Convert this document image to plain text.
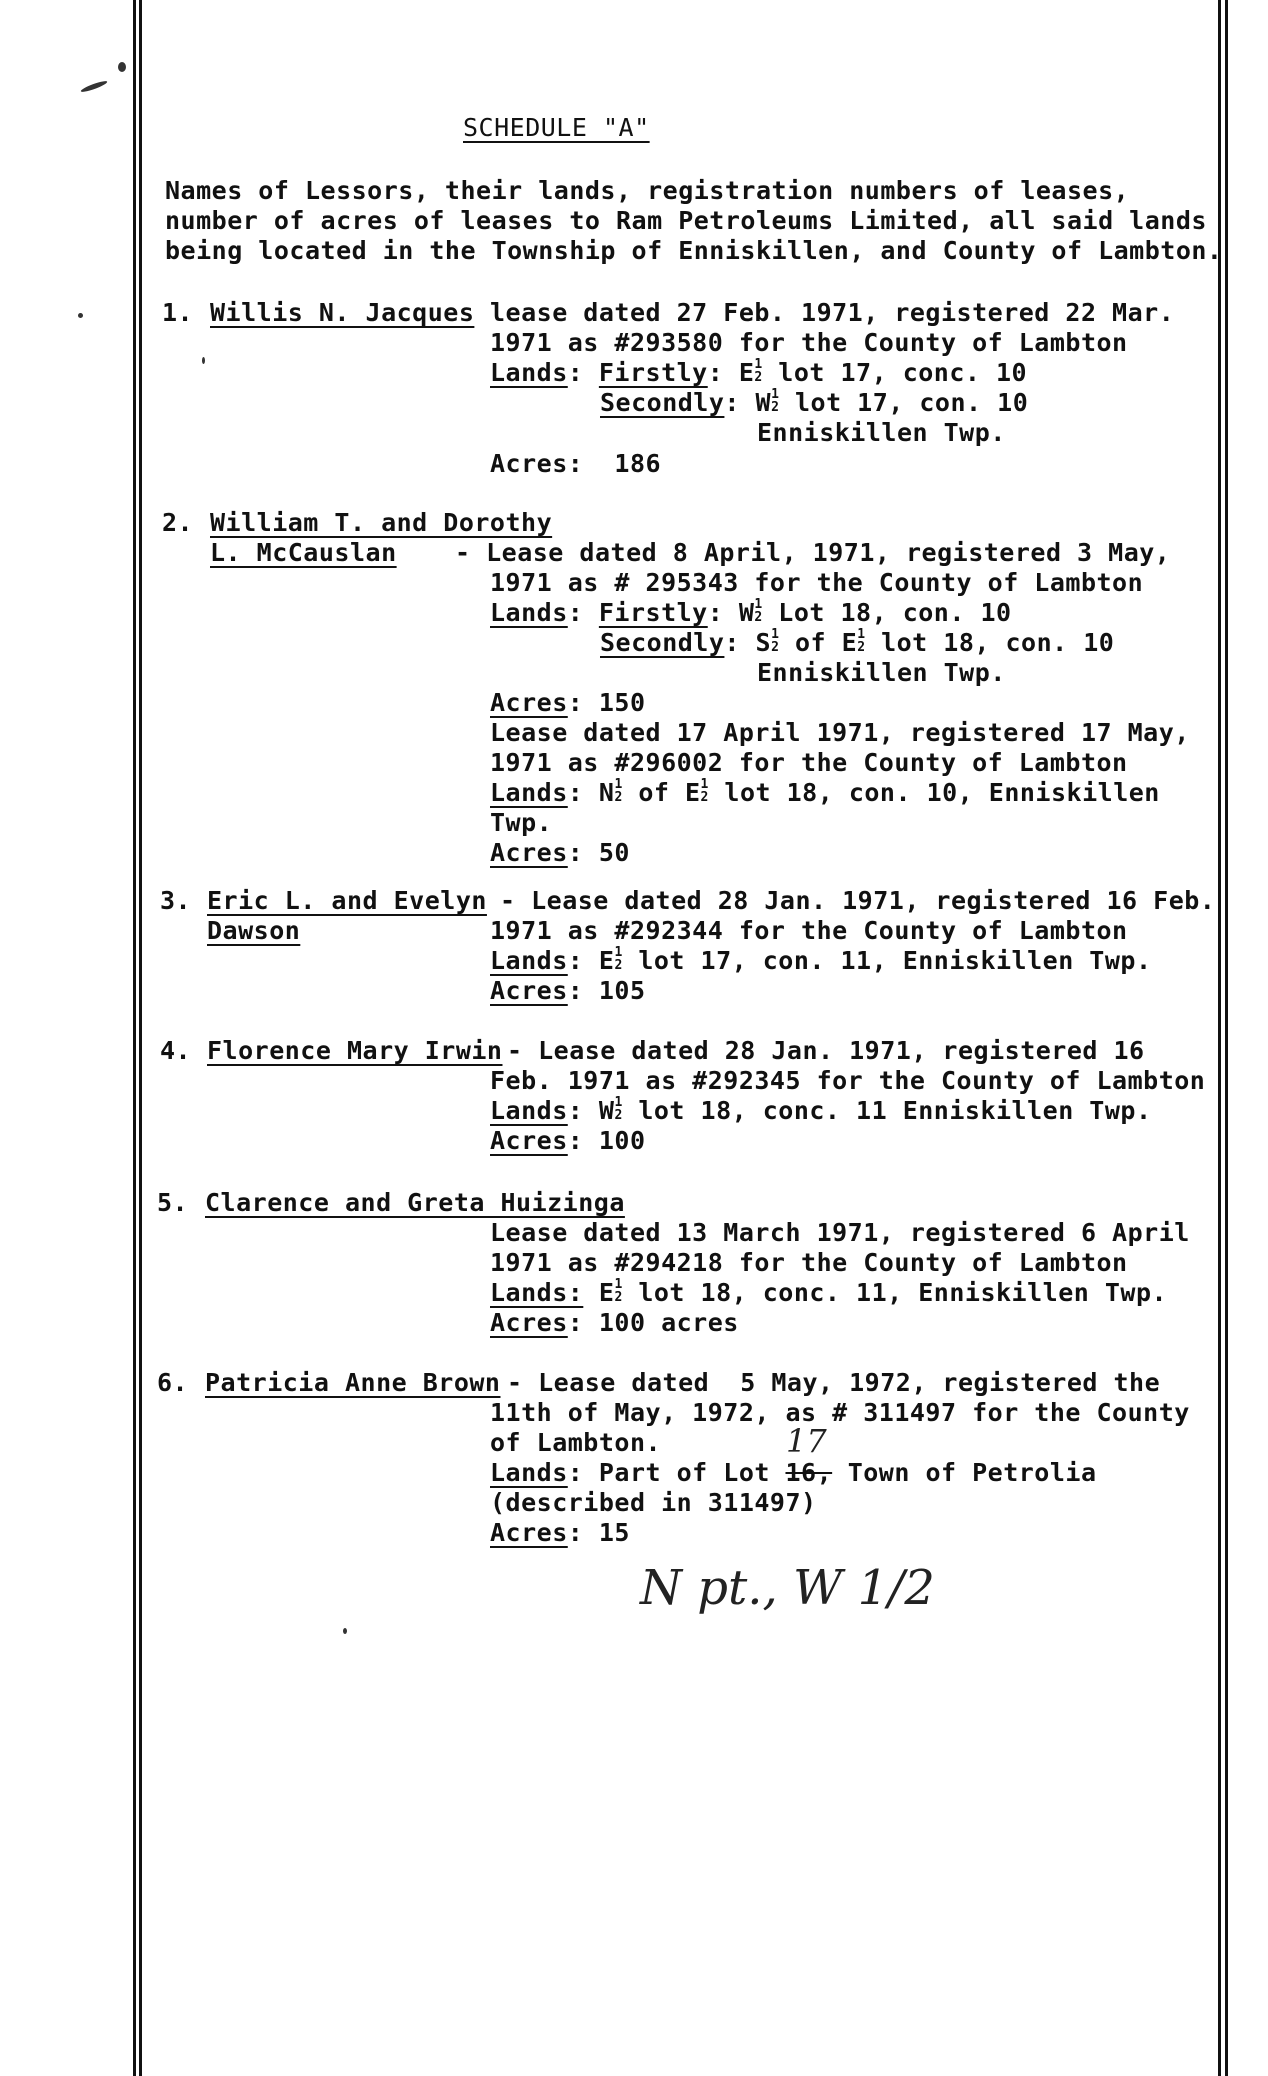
SCHEDULE "A"
Names of Lessors, their lands, registration numbers of leases,
number of acres of leases to Ram Petroleums Limited, all said lands
being located in the Township of Enniskillen, and County of Lambton.
1. Willis N. Jacques lease dated 27 Feb. 1971, registered 22 Mar.
1971 as #293580 for the County of Lambton
Lands: Firstly: E1
2 lot 17, conc. 10
Secondly: W1
2 lot 17, con. 10
Enniskillen Twp.
Acres: 186
2. William T. and Dorothy
L. McCauslan - Lease dated 8 April, 1971, registered 3 May,
1971 as # 295343 for the County of Lambton
Lands: Firstly: W1
2 Lot 18, con. 10
Secondly: S1
2 of E1
2 lot 18, con. 10
Enniskillen Twp.
Acres: 150
Lease dated 17 April 1971, registered 17 May,
1971 as #296002 for the County of Lambton
Lands: N1
2 of E1
2 lot 18, con. 10, Enniskillen
Twp.
Acres: 50
3. Eric L. and Evelyn
Dawson
- Lease dated 28 Jan. 1971, registered 16 Feb.
1971 as #292344 for the County of Lambton
Lands: E1
2 lot 17, con. 11, Enniskillen Twp.
Acres: 105
4. Florence Mary Irwin - Lease dated 28 Jan. 1971, registered 16
Feb. 1971 as #292345 for the County of Lambton
Lands: W1
2 lot 18, conc. 11 Enniskillen Twp.
Acres: 100
5. Clarence and Greta Huizinga
Lease dated 13 March 1971, registered 6 April
1971 as #294218 for the County of Lambton
Lands: E1
2 lot 18, conc. 11, Enniskillen Twp.
Acres: 100 acres
6. Patricia Anne Brown - Lease dated  5 May, 1972, registered the
11th of May, 1972, as # 311497 for the County
of Lambton.	17
Lands: Part of Lot 16, Town of Petrolia
(described in 311497)
Acres: 15
N pt., W 1/2
